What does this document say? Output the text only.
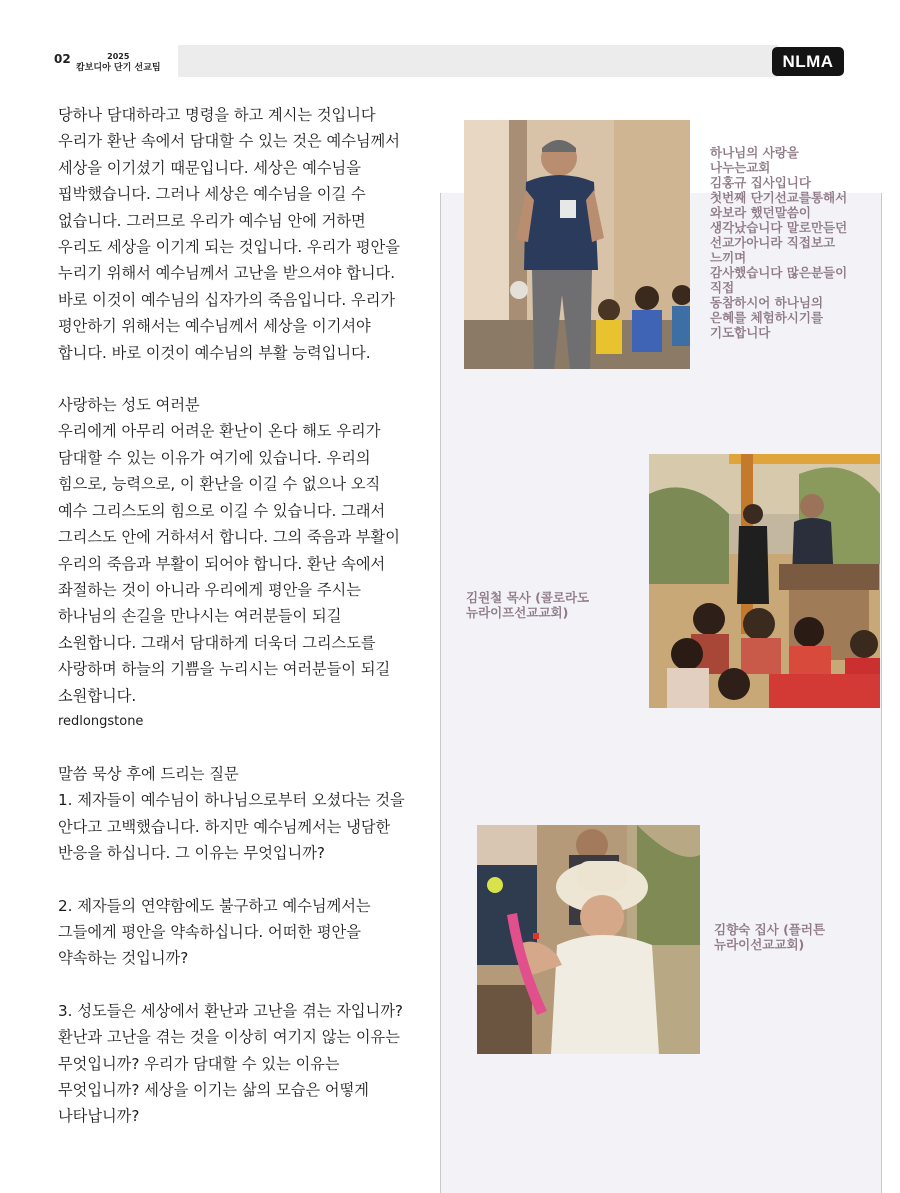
02	2025
캄보디아 단기 선교팀	NLMA

당하나 담대하라고 명령을 하고 계시는 것입니다
우리가 환난 속에서 담대할 수 있는 것은 예수님께서
세상을 이기셨기 때문입니다. 세상은 예수님을
핍박했습니다. 그러나 세상은 예수님을 이길 수
없습니다. 그러므로 우리가 예수님 안에 거하면
우리도 세상을 이기게 되는 것입니다. 우리가 평안을
누리기 위해서 예수님께서 고난을 받으셔야 합니다.
바로 이것이 예수님의 십자가의 죽음입니다. 우리가
평안하기 위해서는 예수님께서 세상을 이기셔야
합니다. 바로 이것이 예수님의 부활 능력입니다.

사랑하는 성도 여러분
우리에게 아무리 어려운 환난이 온다 해도 우리가
담대할 수 있는 이유가 여기에 있습니다. 우리의
힘으로, 능력으로, 이 환난을 이길 수 없으나 오직
예수 그리스도의 힘으로 이길 수 있습니다. 그래서
그리스도 안에 거하셔서 합니다. 그의 죽음과 부활이
우리의 죽음과 부활이 되어야 합니다. 환난 속에서
좌절하는 것이 아니라 우리에게 평안을 주시는
하나님의 손길을 만나시는 여러분들이 되길
소원합니다. 그래서 담대하게 더욱더 그리스도를
사랑하며 하늘의 기쁨을 누리시는 여러분들이 되길
소원합니다.

redlongstone

말씀 묵상 후에 드리는 질문

1. 제자들이 예수님이 하나님으로부터 오셨다는 것을
안다고 고백했습니다. 하지만 예수님께서는 냉담한
반응을 하십니다. 그 이유는 무엇입니까?

2. 제자들의 연약함에도 불구하고 예수님께서는
그들에게 평안을 약속하십니다. 어떠한 평안을
약속하는 것입니까?

3. 성도들은 세상에서 환난과 고난을 겪는 자입니까?
환난과 고난을 겪는 것을 이상히 여기지 않는 이유는
무엇입니까? 우리가 담대할 수 있는 이유는
무엇입니까? 세상을 이기는 삶의 모습은 어떻게
나타납니까?

하나님의 사랑을
나누는교회
김홍규 집사입니다
첫번째 단기선교를통해서
와보라 했던말씀이
생각났습니다 말로만듣던
선교가아니라 직접보고
느끼며
감사했습니다 많은분들이
직접
동참하시어 하나님의
은혜를 체험하시기를
기도합니다
김원철 목사 (콜로라도
뉴라이프선교교회)
김향숙 집사 (플러튼
뉴라이선교교회)
